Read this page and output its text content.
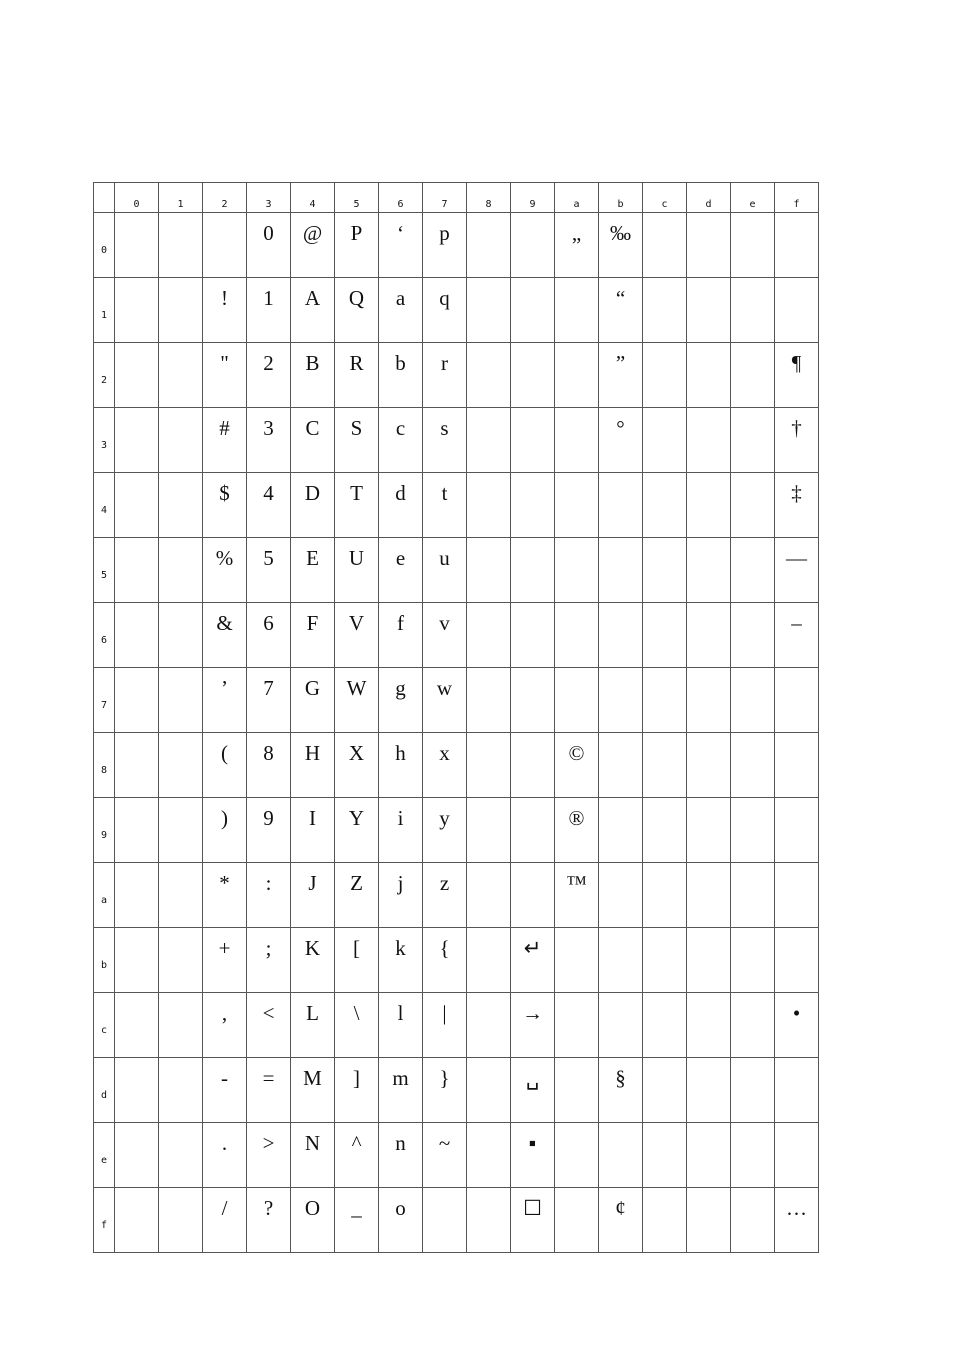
	0	1	2	3	4	5	6	7	8	9	a	b	c	d	e	f
0				0	@	P	‘	p			„	‰				
1			!	1	A	Q	a	q				“				
2			"	2	B	R	b	r				”				¶
3			#	3	C	S	c	s				°				†
4			$	4	D	T	d	t								‡
5			%	5	E	U	e	u								—
6			&	6	F	V	f	v								–
7			’	7	G	W	g	w								
8			(	8	H	X	h	x			©					
9			)	9	I	Y	i	y			®					
a			*	:	J	Z	j	z			™					
b			+	;	K	[	k	{		↵						
c			,	<	L	\	l	|		→						•
d			-	=	M	]	m	}		␣		§				
e			.	>	N	^	n	~		▪						
f			/	?	O	_	o			☐		¢				…
